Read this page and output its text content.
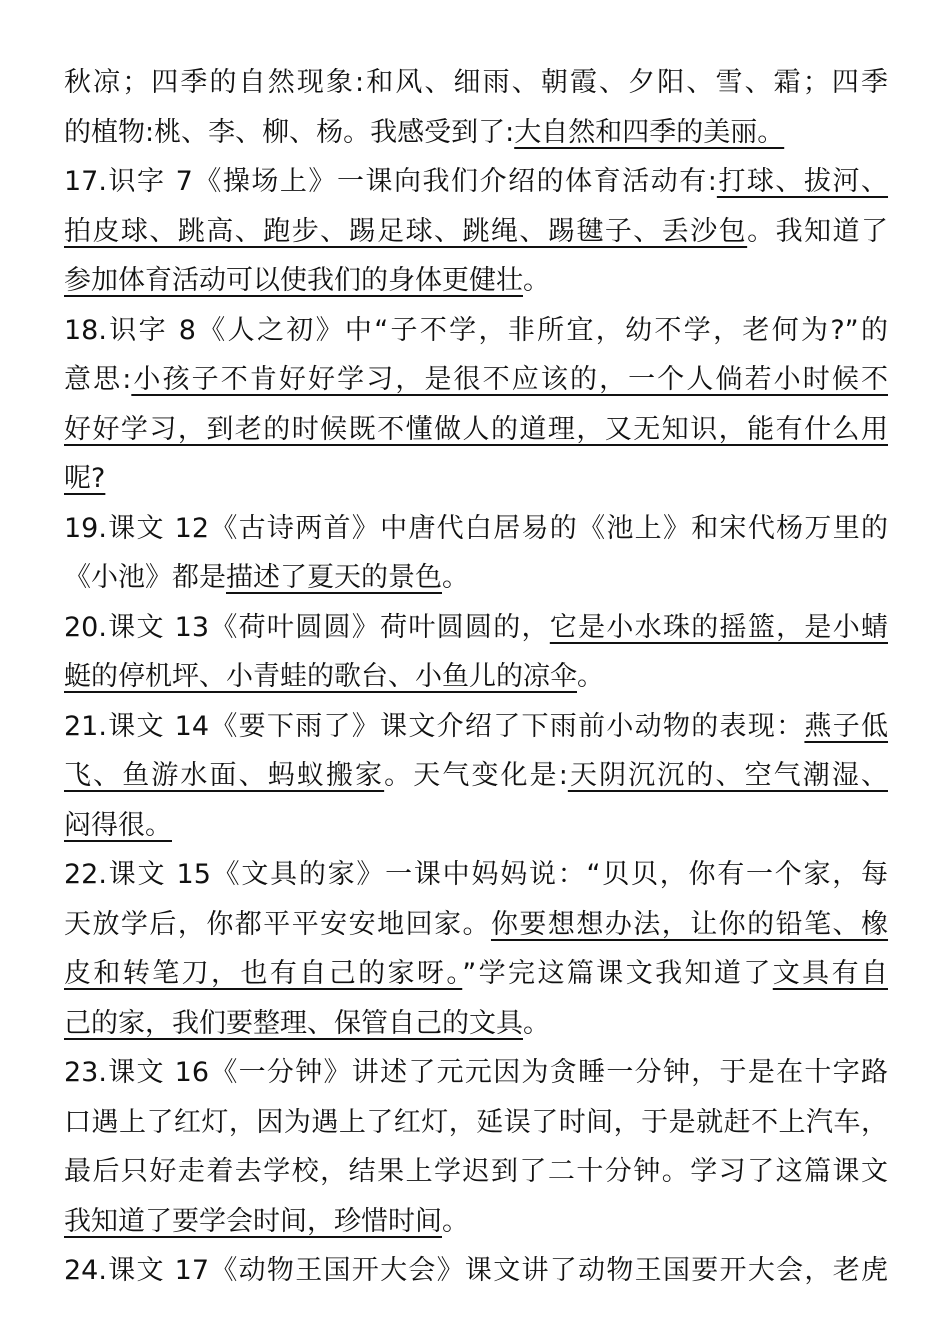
秋凉；四季的自然现象:和风、细雨、朝霞、夕阳、雪、霜；四季
的植物:桃、李、柳、杨。我感受到了:大自然和四季的美丽。
17.识字 7《操场上》一课向我们介绍的体育活动有:打球、拔河、
拍皮球、跳高、跑步、踢足球、跳绳、踢毽子、丢沙包。我知道了
参加体育活动可以使我们的身体更健壮。
18.识字 8《人之初》中“子不学，非所宜，幼不学，老何为?”的
意思:小孩子不肯好好学习，是很不应该的，一个人倘若小时候不
好好学习，到老的时候既不懂做人的道理，又无知识，能有什么用
呢?
19.课文 12《古诗两首》中唐代白居易的《池上》和宋代杨万里的
《小池》都是描述了夏天的景色。
20.课文 13《荷叶圆圆》荷叶圆圆的，它是小水珠的摇篮，是小蜻
蜓的停机坪、小青蛙的歌台、小鱼儿的凉伞。
21.课文 14《要下雨了》课文介绍了下雨前小动物的表现：燕子低
飞、鱼游水面、蚂蚁搬家。天气变化是:天阴沉沉的、空气潮湿、
闷得很。
22.课文 15《文具的家》一课中妈妈说：“贝贝，你有一个家，每
天放学后，你都平平安安地回家。你要想想办法，让你的铅笔、橡
皮和转笔刀，也有自己的家呀。”学完这篇课文我知道了文具有自
己的家，我们要整理、保管自己的文具。
23.课文 16《一分钟》讲述了元元因为贪睡一分钟，于是在十字路
口遇上了红灯，因为遇上了红灯，延误了时间，于是就赶不上汽车，
最后只好走着去学校，结果上学迟到了二十分钟。学习了这篇课文
我知道了要学会时间，珍惜时间。
24.课文 17《动物王国开大会》课文讲了动物王国要开大会，老虎
